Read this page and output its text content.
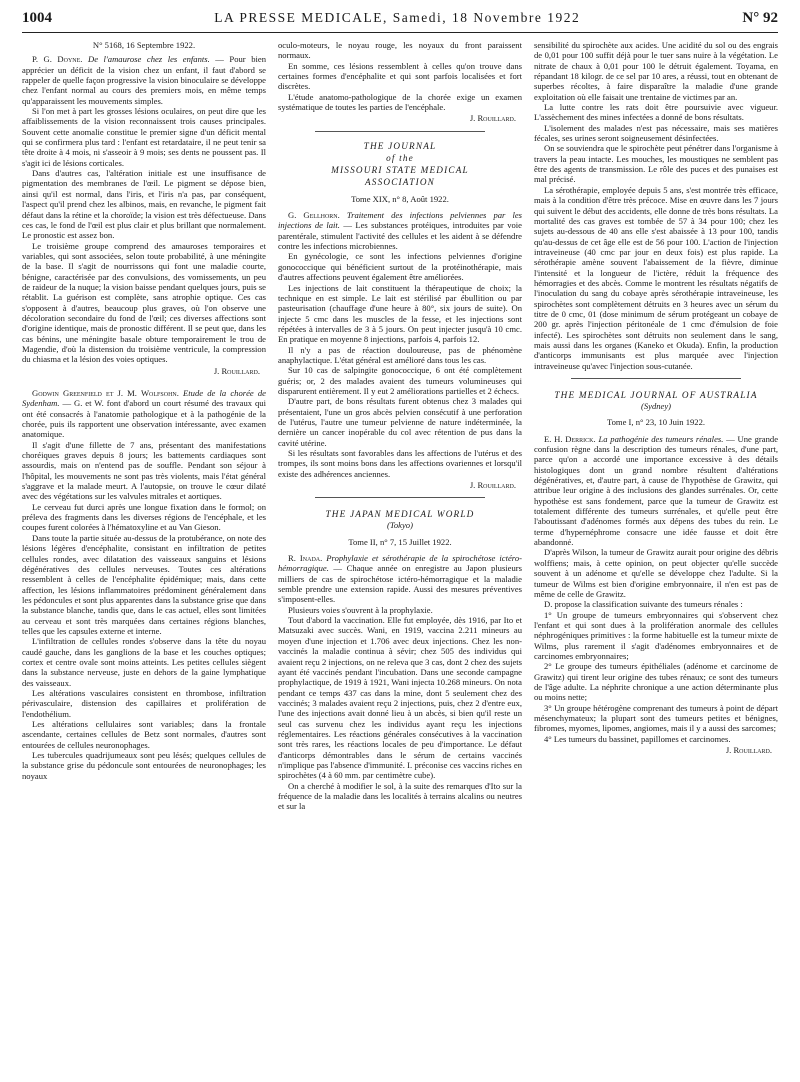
1004	LA PRESSE MEDICALE, Samedi, 18 Novembre 1922	N° 92
N° 5168, 16 Septembre 1922.

P. G. Doyne. De l'amaurose chez les enfants. — Pour bien apprécier un déficit de la vision chez un enfant, il faut d'abord se rappeler de quelle façon progressive la vision binoculaire se développe chez l'enfant normal au cours des premiers mois, en même temps qu'apparaissent les mouvements simples.

Si l'on met à part les grosses lésions oculaires, on peut dire que les affaiblissements de la vision reconnaissent trois causes principales. Souvent cette anomalie constitue le premier signe d'un déficit mental qui se confirmera plus tard : l'enfant est retardataire, il ne peut tenir sa tête droite à 4 mois, ni s'asseoir à 9 mois; ses dents ne poussent pas. Il s'agit ici de lésions corticales.

Dans d'autres cas, l'altération initiale est une insuffisance de pigmentation des membranes de l'œil. Le pigment se dépose bien, ainsi qu'il est normal, dans l'iris, et l'iris n'a pas, par conséquent, l'aspect qu'il prend chez les albinos, mais, en revanche, le pigment fait défaut dans la rétine et la choroïde; la vision est très défectueuse. Dans ces cas, le fond de l'œil est plus clair et plus brillant que normalement. Le pronostic est assez bon.

Le troisième groupe comprend des amauroses temporaires et variables, qui sont associées, selon toute probabilité, à une méningite de la base. Il s'agit de nourrissons qui font une maladie courte, bénigne, caractérisée par des convulsions, des vomissements, un peu de raideur de la nuque; la vision baisse pendant quelques jours, puis se rétablit. La guérison est complète, sans atrophie optique. Ces cas s'opposent à d'autres, beaucoup plus graves, où l'on observe une décoloration secondaire du fond de l'œil; ces diverses affections sont d'origine identique, mais de pronostic différent. Il se peut que, dans les cas bénins, une méningite basale obture temporairement le trou de Magendie, d'où la distension du troisième ventricule, la compression du chiasma et la lésion des voies optiques.

J. Rouillard.

Godwin Greenfield et J. M. Wolfsohn. Etude de la chorée de Sydenham. — G. et W. font d'abord un court résumé des travaux qui ont été consacrés à l'anatomie pathologique et à la pathogénie de la chorée, puis ils rapportent une observation intéressante, avec examen anatomique.

Il s'agit d'une fillette de 7 ans, présentant des manifestations choréiques graves depuis 8 jours; les battements cardiaques sont assourdis, mais on n'entend pas de souffle. Pendant son séjour à l'hôpital, les mouvements ne sont pas très violents, mais l'état général s'aggrave et la malade meurt. A l'autopsie, on trouve le cœur dilaté avec des végétations sur les valvules mitrales et aortiques.

Le cerveau fut durci après une longue fixation dans le formol; on préleva des fragments dans les diverses régions de l'encéphale, et les coupes furent colorées à l'hématoxyline et au Van Gieson.

Dans toute la partie située au-dessus de la protubérance, on note des lésions légères d'encéphalite, consistant en infiltration de petites cellules rondes, avec dilatation des vaisseaux sanguins et lésions dégénératives des cellules nerveuses. Toutes ces altérations ressemblent à celles de l'encéphalite épidémique; mais, dans cette affection, les lésions inflammatoires prédominent généralement dans les pédoncules et sont plus apparentes dans la substance grise que dans la substance blanche, tandis que, dans le cas actuel, elles sont limitées au cerveau et sont très marquées dans certaines régions blanches, telles que les capsules externe et interne.

L'infiltration de cellules rondes s'observe dans la tête du noyau caudé gauche, dans les ganglions de la base et les couches optiques; cortex et centre ovale sont moins atteints. Les petites cellules siègent dans la substance nerveuse, juste en dehors de la gaine lymphatique des vaisseaux.

Les altérations vasculaires consistent en thrombose, infiltration périvasculaire, distension des capillaires et prolifération de l'endothélium.

Les altérations cellulaires sont variables; dans la frontale ascendante, certaines cellules de Betz sont normales, d'autres sont entourées de cellules neuronophages.

Les tubercules quadrijumeaux sont peu lésés; quelques cellules de la substance grise du pédoncule sont entourées de neuronophages; les noyaux

oculo-moteurs, le noyau rouge, les noyaux du front paraissent normaux.

En somme, ces lésions ressemblent à celles qu'on trouve dans certaines formes d'encéphalite et qui sont parfois localisées et fort discrètes.

L'étude anatomo-pathologique de la chorée exige un examen systématique de toutes les parties de l'encéphale.

J. Rouillard.
THE JOURNAL
of the
MISSOURI STATE MEDICAL
ASSOCIATION
Tome XIX, n° 8, Août 1922.

G. Gellhorn. Traitement des infections pelviennes par les injections de lait. — Les substances protéiques, introduites par voie parentérale, stimulent l'activité des cellules et les aident à se défendre contre les infections microbiennes.

En gynécologie, ce sont les infections pelviennes d'origine gonococcique qui bénéficient surtout de la protéinothérapie, mais d'autres affections peuvent également être améliorées.

Les injections de lait constituent la thérapeutique de choix; la technique en est simple. Le lait est stérilisé par ébullition ou par pasteurisation (chauffage d'une heure à 80°, six jours de suite). On injecte 5 cmc dans les muscles de la fesse, et les injections sont répétées à intervalles de 3 à 5 jours. On peut injecter jusqu'à 10 cmc. En pratique en moyenne 8 injections, parfois 4, parfois 12.

Il n'y a pas de réaction douloureuse, pas de phénomène anaphylactique. L'état général est amélioré dans tous les cas.

Sur 10 cas de salpingite gonococcique, 6 ont été complètement guéris; or, 2 des malades avaient des tumeurs volumineuses qui disparurent entièrement. Il y eut 2 améliorations partielles et 2 échecs.

D'autre part, de bons résultats furent obtenus chez 3 malades qui présentaient, l'une un gros abcès pelvien consécutif à une perforation de l'utérus, l'autre une tumeur pelvienne de nature indéterminée, la dernière un cancer inopérable du col avec rétention de pus dans la cavité utérine.

Si les résultats sont favorables dans les affections de l'utérus et des trompes, ils sont moins bons dans les affections ovariennes et lorsqu'il existe des adhérences anciennes.

J. Rouillard.
THE JAPAN MEDICAL WORLD
(Tokyo)
Tome II, n° 7, 15 Juillet 1922.

R. Inada. Prophylaxie et sérothérapie de la spirochétose ictéro-hémorragique. — Chaque année on enregistre au Japon plusieurs milliers de cas de spirochétose ictéro-hémorragique et la maladie semble prendre une extension rapide. Aussi des mesures préventives s'imposent-elles.

Plusieurs voies s'ouvrent à la prophylaxie.

Tout d'abord la vaccination. Elle fut employée, dès 1916, par Ito et Matsuzaki avec succès. Wani, en 1919, vaccina 2.211 mineurs au moyen d'une injection et 1.706 avec deux injections. Chez les non-vaccinés la maladie continua à sévir; chez 505 des individus qui avaient reçu 2 injections, on ne releva que 3 cas, dont 2 chez des sujets ayant été vaccinés pendant l'incubation. Dans une seconde campagne prophylactique, de 1919 à 1921, Wani injecta 10.268 mineurs. On nota pendant ce temps 437 cas dans la mine, dont 5 seulement chez des vaccinés; 3 malades avaient reçu 2 injections, puis, chez 2 d'entre eux, l'une des injections avait donné lieu à un abcès, si bien qu'il reste un seul cas survenu chez les individus ayant reçu les injections réglementaires. Les réactions générales consécutives à la vaccination sont très rares, les réactions locales de peu d'importance. Le défaut d'anticorps démontrables dans le sérum de certains vaccinés n'implique pas l'absence d'immunité. I. préconise ces vaccins riches en spirochètes (4 à 60 mm. par centimètre cube).

On a cherché à modifier le sol, à la suite des remarques d'Ito sur la fréquence de la maladie dans les localités à terrains alcalins ou neutres et sur la

sensibilité du spirochète aux acides. Une acidité du sol ou des engrais de 0,01 pour 100 suffit déjà pour le tuer sans nuire à la végétation. Le nitrate de chaux à 0,01 pour 100 le détruit également. Toyama, en répandant 18 kilogr. de ce sel par 10 ares, a réussi, tout en obtenant de superbes récoltes, à faire disparaître la maladie d'une grande exploitation où elle faisait une trentaine de victimes par an.

La lutte contre les rats doit être poursuivie avec vigueur. L'assèchement des mines infectées a donné de bons résultats.

L'isolement des malades n'est pas nécessaire, mais ses matières fécales, ses urines seront soigneusement désinfectées.

On se souviendra que le spirochète peut pénétrer dans l'organisme à travers la peau intacte. Les mouches, les moustiques ne semblent pas être des agents de transmission. Le rôle des puces et des punaises est mal précisé.

La sérothérapie, employée depuis 5 ans, s'est montrée très efficace, mais à la condition d'être très précoce. Mise en œuvre dans les 7 jours qui suivent le début des accidents, elle donne de très bons résultats. La mortalité des cas graves est tombée de 57 à 34 pour 100; chez les sujets au-dessous de 40 ans elle s'est abaissée à 13 pour 100, tandis qu'au-dessus de cet âge elle est de 56 pour 100. L'action de l'injection intraveineuse (40 cmc par jour en deux fois) est plus rapide. La sérothérapie amène souvent l'abaissement de la fièvre, diminue l'intensité et la longueur de l'ictère, réduit la fréquence des hémorragies et des abcès. Comme le montrent les résultats négatifs de l'inoculation du sang du cobaye après sérothérapie intraveineuse, les spirochètes sont complètement détruits en 3 heures avec un sérum du titre de 0 cmc, 01 (dose minimum de sérum protégeant un cobaye de 200 gr. après l'injection péritonéale de 1 cmc d'émulsion de foie infecté). Les spirochètes sont détruits non seulement dans le sang, mais aussi dans les organes (Kaneko et Okuda). Enfin, la production d'anticorps immunisants est plus marquée avec l'injection intraveineuse qu'avec l'injection sous-cutanée.

THE MEDICAL JOURNAL OF AUSTRALIA
(Sydney)
Tome I, n° 23, 10 Juin 1922.

E. H. Derrick. La pathogénie des tumeurs rénales. — Une grande confusion règne dans la description des tumeurs rénales, d'une part, parce qu'on a accordé une importance excessive à des détails histologiques dont un grand nombre résultent d'altérations dégénératives, et, d'autre part, à cause de l'hypothèse de Grawitz, qui attribue leur origine à des inclusions des glandes surrénales. Or, cette hypothèse est sans fondement, parce que la tumeur de Grawitz est totalement différente des tumeurs surrénales, et qu'elle peut être l'aboutissant d'adénomes formés aux dépens des tubes du rein. Le terme d'hypernéphrome consacre une idée fausse et doit être abandonné.

D'après Wilson, la tumeur de Grawitz aurait pour origine des débris wolffiens; mais, à cette opinion, on peut objecter qu'elle succède souvent à un adénome et qu'elle se développe chez l'adulte. Si la tumeur de Wilms est bien d'origine embryonnaire, il n'en est pas de même de celle de Grawitz.

D. propose la classification suivante des tumeurs rénales :

1° Un groupe de tumeurs embryonnaires qui s'observent chez l'enfant et qui sont dues à la prolifération anormale des cellules néphrogéniques primitives : la forme habituelle est la tumeur mixte de Wilms, plus rarement il s'agit d'adénomes embryonnaires et de carcinomes embryonnaires;

2° Le groupe des tumeurs épithéliales (adénome et carcinome de Grawitz) qui tirent leur origine des tubes rénaux; ce sont des tumeurs de l'âge adulte. La néphrite chronique a une action déterminante plus ou moins nette;

3° Un groupe hétérogène comprenant des tumeurs à point de départ mésenchymateux; la plupart sont des tumeurs petites et bénignes, fibromes, myomes, lipomes, angiomes, mais il y a aussi des sarcomes;

4° Les tumeurs du bassinet, papillomes et carcinomes.

J. Rouillard.
